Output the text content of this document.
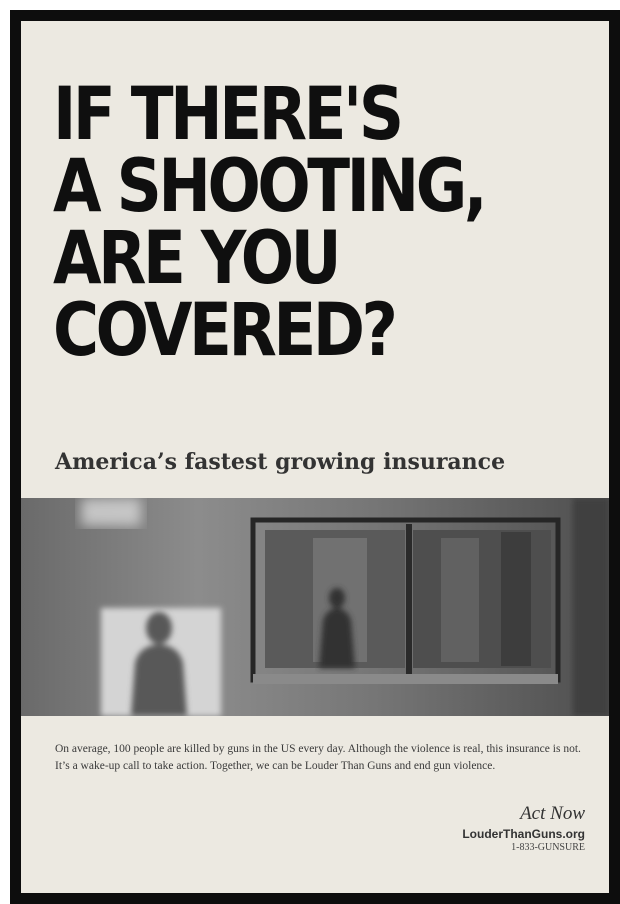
IF THERE'S
A SHOOTING,
ARE YOU
COVERED?
America’s fastest growing insurance

On average, 100 people are killed by guns in the US every day. Although the violence is real, this insurance is not. It’s a wake-up call to take action. Together, we can be Louder Than Guns and end gun violence.

Act Now
LouderThanGuns.org
1-833-GUNSURE
